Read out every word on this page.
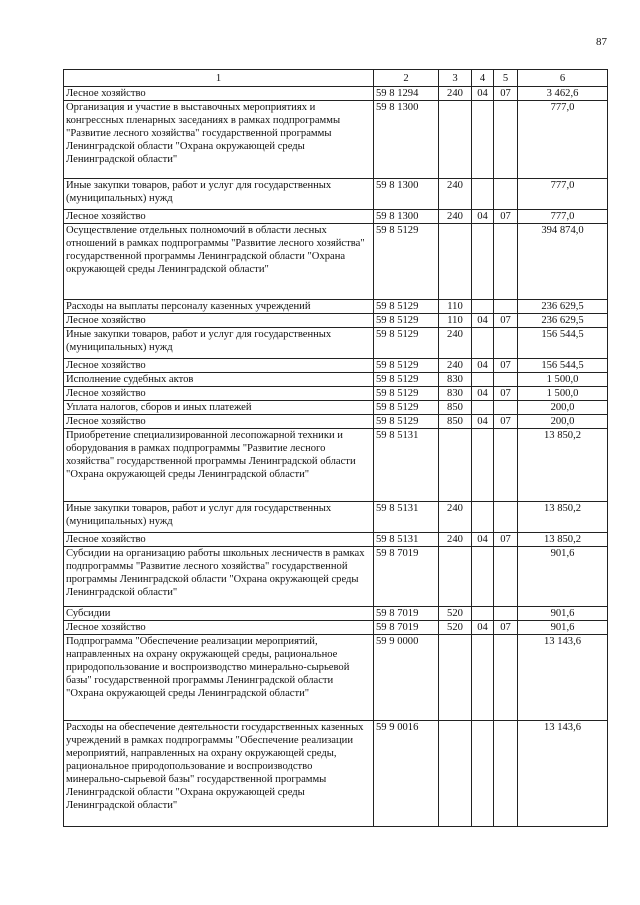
87
1	2	3	4	5	6
Лесное хозяйство	59 8 1294	240	04	07	3 462,6
Организация и участие в выставочных мероприятиях и конгрессных пленарных заседаниях в рамках подпрограммы "Развитие лесного хозяйства" государственной программы Ленинградской области "Охрана окружающей среды Ленинградской области"	59 8 1300				777,0
Иные закупки товаров, работ и услуг для государственных (муниципальных) нужд	59 8 1300	240			777,0
Лесное хозяйство	59 8 1300	240	04	07	777,0
Осуществление отдельных полномочий в области лесных отношений в рамках подпрограммы "Развитие лесного хозяйства" государственной программы Ленинградской области "Охрана окружающей среды Ленинградской области"	59 8 5129				394 874,0
Расходы на выплаты персоналу казенных учреждений	59 8 5129	110			236 629,5
Лесное хозяйство	59 8 5129	110	04	07	236 629,5
Иные закупки товаров, работ и услуг для государственных (муниципальных) нужд	59 8 5129	240			156 544,5
Лесное хозяйство	59 8 5129	240	04	07	156 544,5
Исполнение судебных актов	59 8 5129	830			1 500,0
Лесное хозяйство	59 8 5129	830	04	07	1 500,0
Уплата налогов, сборов и иных платежей	59 8 5129	850			200,0
Лесное хозяйство	59 8 5129	850	04	07	200,0
Приобретение специализированной лесопожарной техники и оборудования в рамках подпрограммы "Развитие лесного хозяйства" государственной программы Ленинградской области "Охрана окружающей среды Ленинградской области"	59 8 5131				13 850,2
Иные закупки товаров, работ и услуг для государственных (муниципальных) нужд	59 8 5131	240			13 850,2
Лесное хозяйство	59 8 5131	240	04	07	13 850,2
Субсидии на организацию работы школьных лесничеств в рамках подпрограммы "Развитие лесного хозяйства" государственной программы Ленинградской области "Охрана окружающей среды Ленинградской области"	59 8 7019				901,6
Субсидии	59 8 7019	520			901,6
Лесное хозяйство	59 8 7019	520	04	07	901,6
Подпрограмма "Обеспечение реализации мероприятий, направленных на охрану окружающей среды, рациональное природопользование и воспроизводство минерально-сырьевой базы" государственной программы Ленинградской области "Охрана окружающей среды Ленинградской области"	59 9 0000				13 143,6
Расходы на обеспечение деятельности государственных казенных учреждений в рамках подпрограммы "Обеспечение реализации мероприятий, направленных на охрану окружающей среды, рациональное природопользование и воспроизводство минерально-сырьевой базы" государственной программы Ленинградской области "Охрана окружающей среды Ленинградской области"	59 9 0016				13 143,6
